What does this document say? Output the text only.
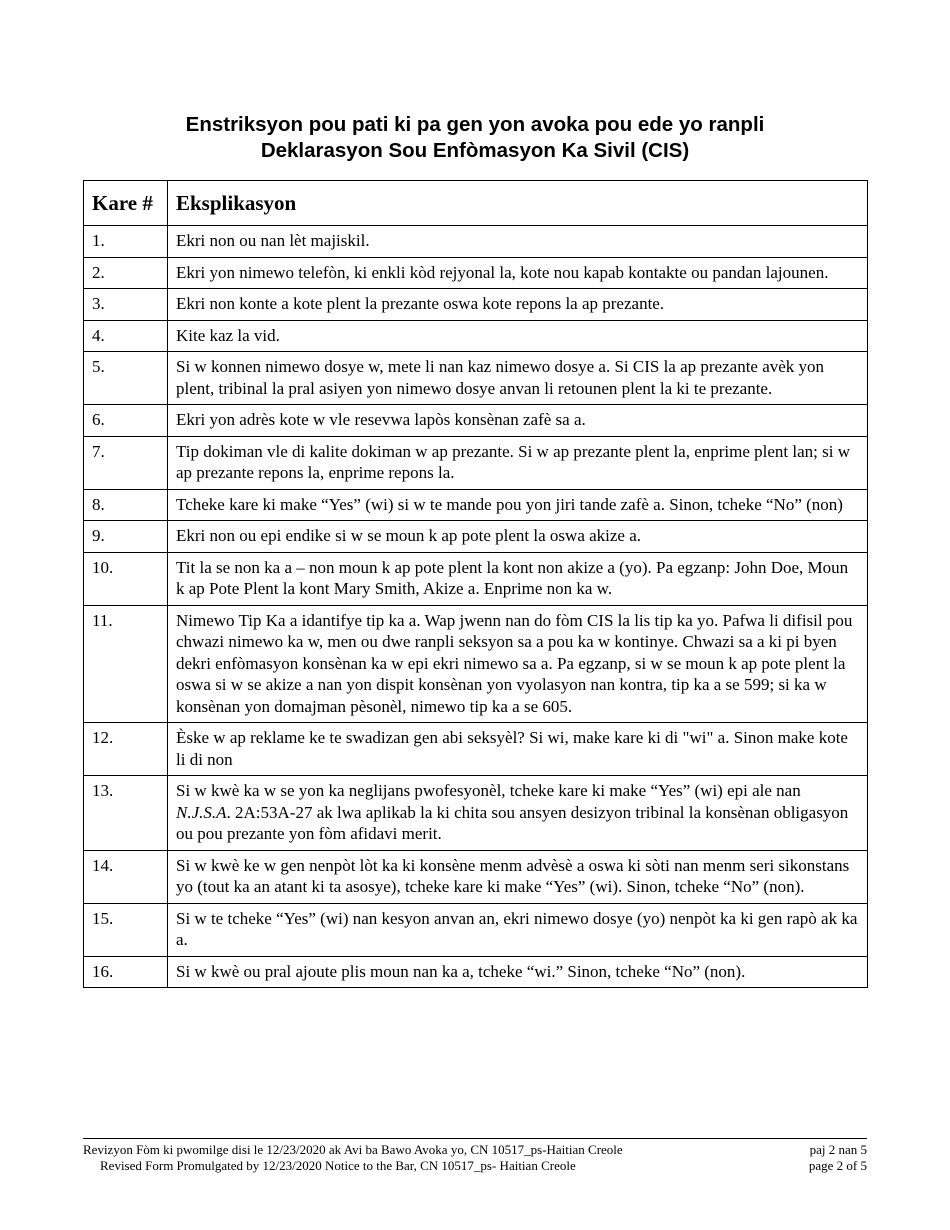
Enstriksyon pou pati ki pa gen yon avoka pou ede yo ranpli
Deklarasyon Sou Enfòmasyon Ka Sivil (CIS)
Kare #	Eksplikasyon
1.	Ekri non ou nan lèt majiskil.
2.	Ekri yon nimewo telefòn, ki enkli kòd rejyonal la, kote nou kapab kontakte ou pandan lajounen.
3.	Ekri non konte a kote plent la prezante oswa kote repons la ap prezante.
4.	Kite kaz la vid.
5.	Si w konnen nimewo dosye w, mete li nan kaz nimewo dosye a. Si CIS la ap prezante avèk yon plent, tribinal la pral asiyen yon nimewo dosye anvan li retounen plent la ki te prezante.
6.	Ekri yon adrès kote w vle resevwa lapòs konsènan zafè sa a.
7.	Tip dokiman vle di kalite dokiman w ap prezante. Si w ap prezante plent la, enprime plent lan; si w ap prezante repons la, enprime repons la.
8.	Tcheke kare ki make “Yes” (wi) si w te mande pou yon jiri tande zafè a. Sinon, tcheke “No” (non)
9.	Ekri non ou epi endike si w se moun k ap pote plent la oswa akize a.
10.	Tit la se non ka a – non moun k ap pote plent la kont non akize a (yo). Pa egzanp: John Doe, Moun k ap Pote Plent la kont Mary Smith, Akize a. Enprime non ka w.
11.	Nimewo Tip Ka a idantifye tip ka a. Wap jwenn nan do fòm CIS la lis tip ka yo. Pafwa li difisil pou chwazi nimewo ka w, men ou dwe ranpli seksyon sa a pou ka w kontinye. Chwazi sa a ki pi byen dekri enfòmasyon konsènan ka w epi ekri nimewo sa a. Pa egzanp, si w se moun k ap pote plent la oswa si w se akize a nan yon dispit konsènan yon vyolasyon nan kontra, tip ka a se 599; si ka w konsènan yon domajman pèsonèl, nimewo tip ka a se 605.
12.	Èske w ap reklame ke te swadizan gen abi seksyèl? Si wi, make kare ki di "wi" a. Sinon make kote li di non
13.	Si w kwè ka w se yon ka neglijans pwofesyonèl, tcheke kare ki make “Yes” (wi) epi ale nan N.J.S.A. 2A:53A-27 ak lwa aplikab la ki chita sou ansyen desizyon tribinal la konsènan obligasyon ou pou prezante yon fòm afidavi merit.
14.	Si w kwè ke w gen nenpòt lòt ka ki konsène menm advèsè a oswa ki sòti nan menm seri sikonstans yo (tout ka an atant ki ta asosye), tcheke kare ki make “Yes” (wi). Sinon, tcheke “No” (non).
15.	Si w te tcheke “Yes” (wi) nan kesyon anvan an, ekri nimewo dosye (yo) nenpòt ka ki gen rapò ak ka a.
16.	Si w kwè ou pral ajoute plis moun nan ka a, tcheke “wi.” Sinon, tcheke “No” (non).
Revizyon Fòm ki pwomilge disi le 12/23/2020 ak Avi ba Bawo Avoka yo, CN 10517_ps-Haitian Creole	paj 2 nan 5
Revised Form Promulgated by 12/23/2020 Notice to the Bar, CN 10517_ps- Haitian Creole	page 2 of 5
